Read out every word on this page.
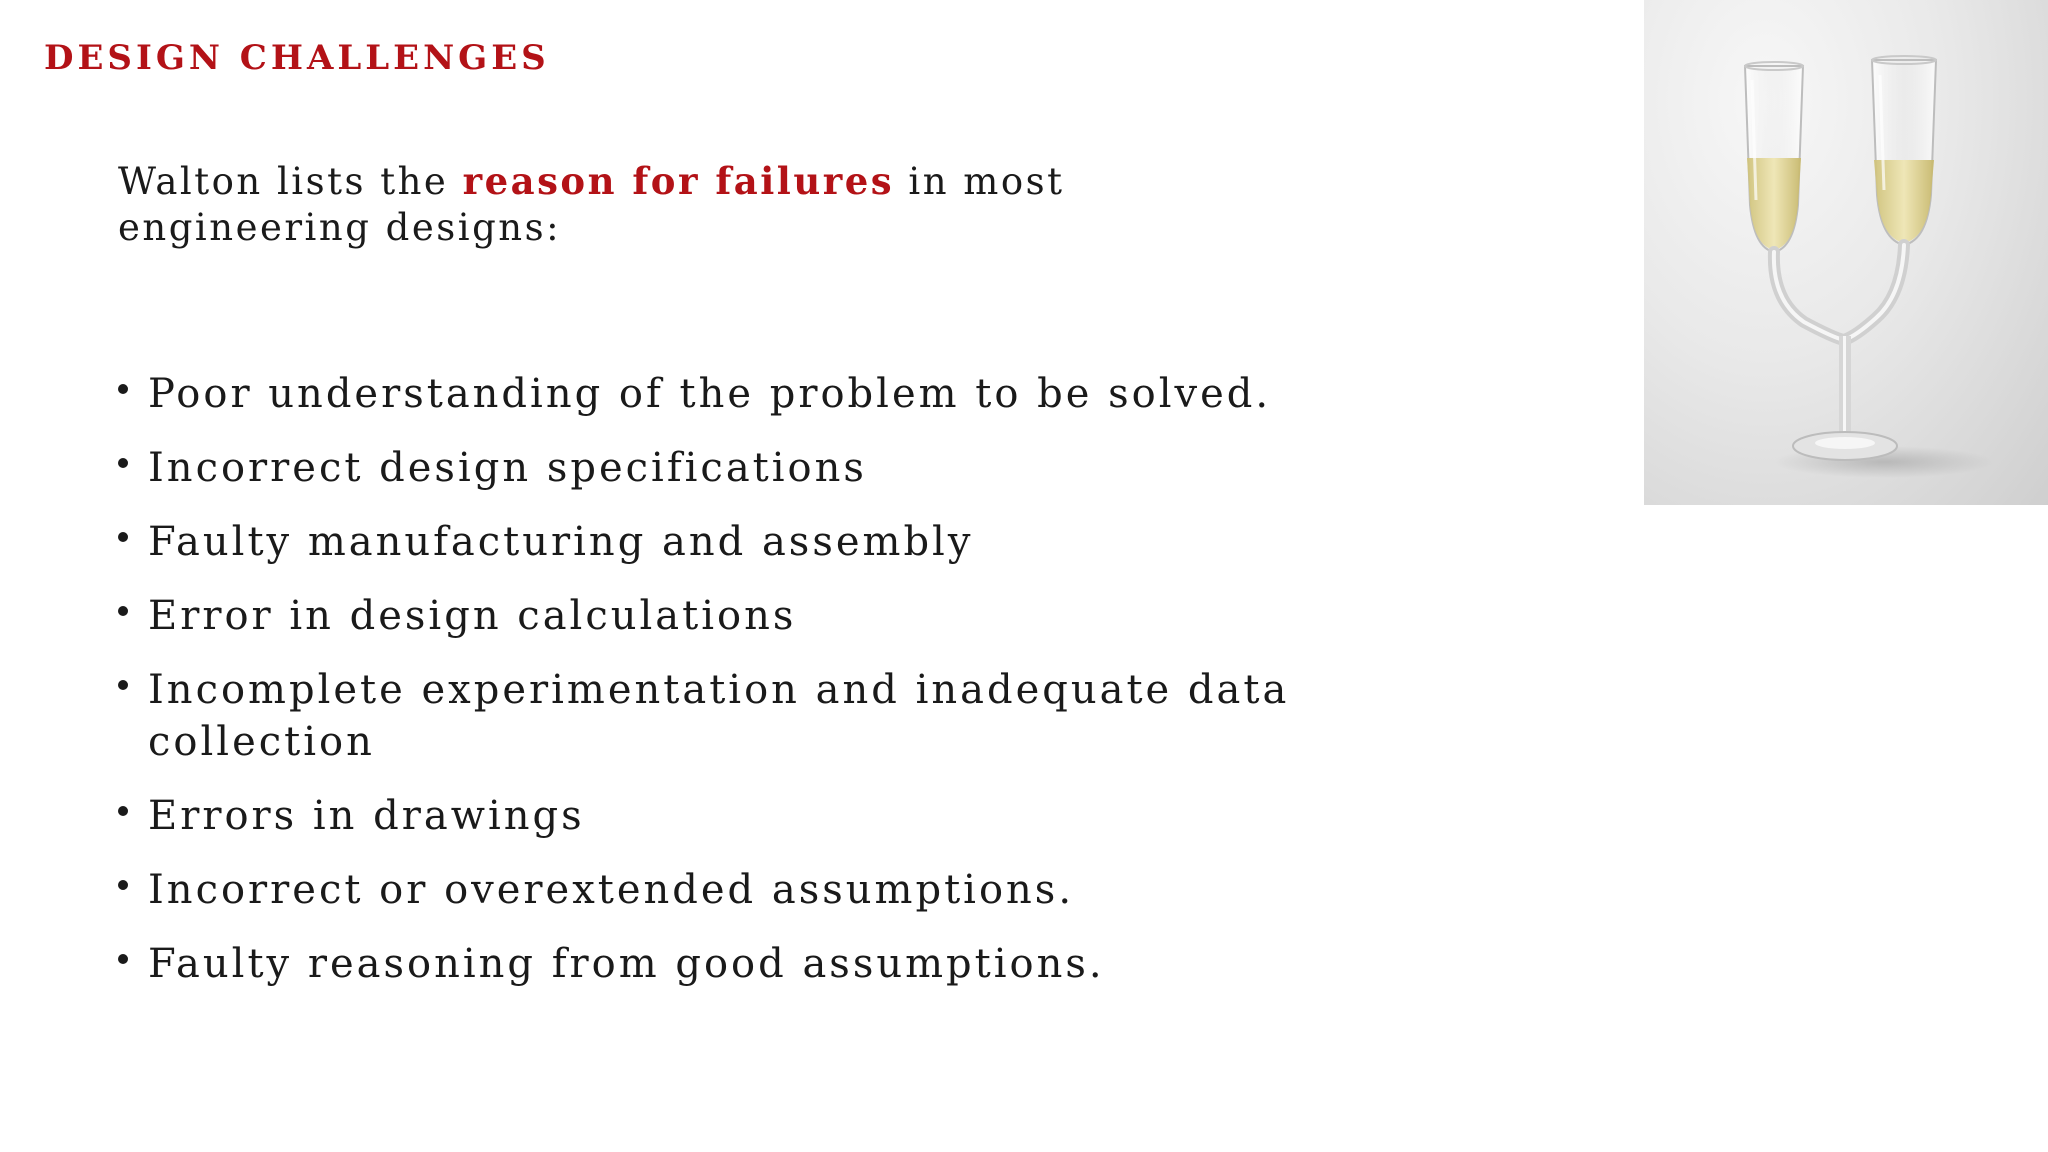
DESIGN CHALLENGES
Walton lists the reason for failures in most engineering designs:
Poor understanding of the problem to be solved.
Incorrect design specifications
Faulty manufacturing and assembly
Error in design calculations
Incomplete experimentation and inadequate data collection
Errors in drawings
Incorrect or overextended assumptions.
Faulty reasoning from good assumptions.
